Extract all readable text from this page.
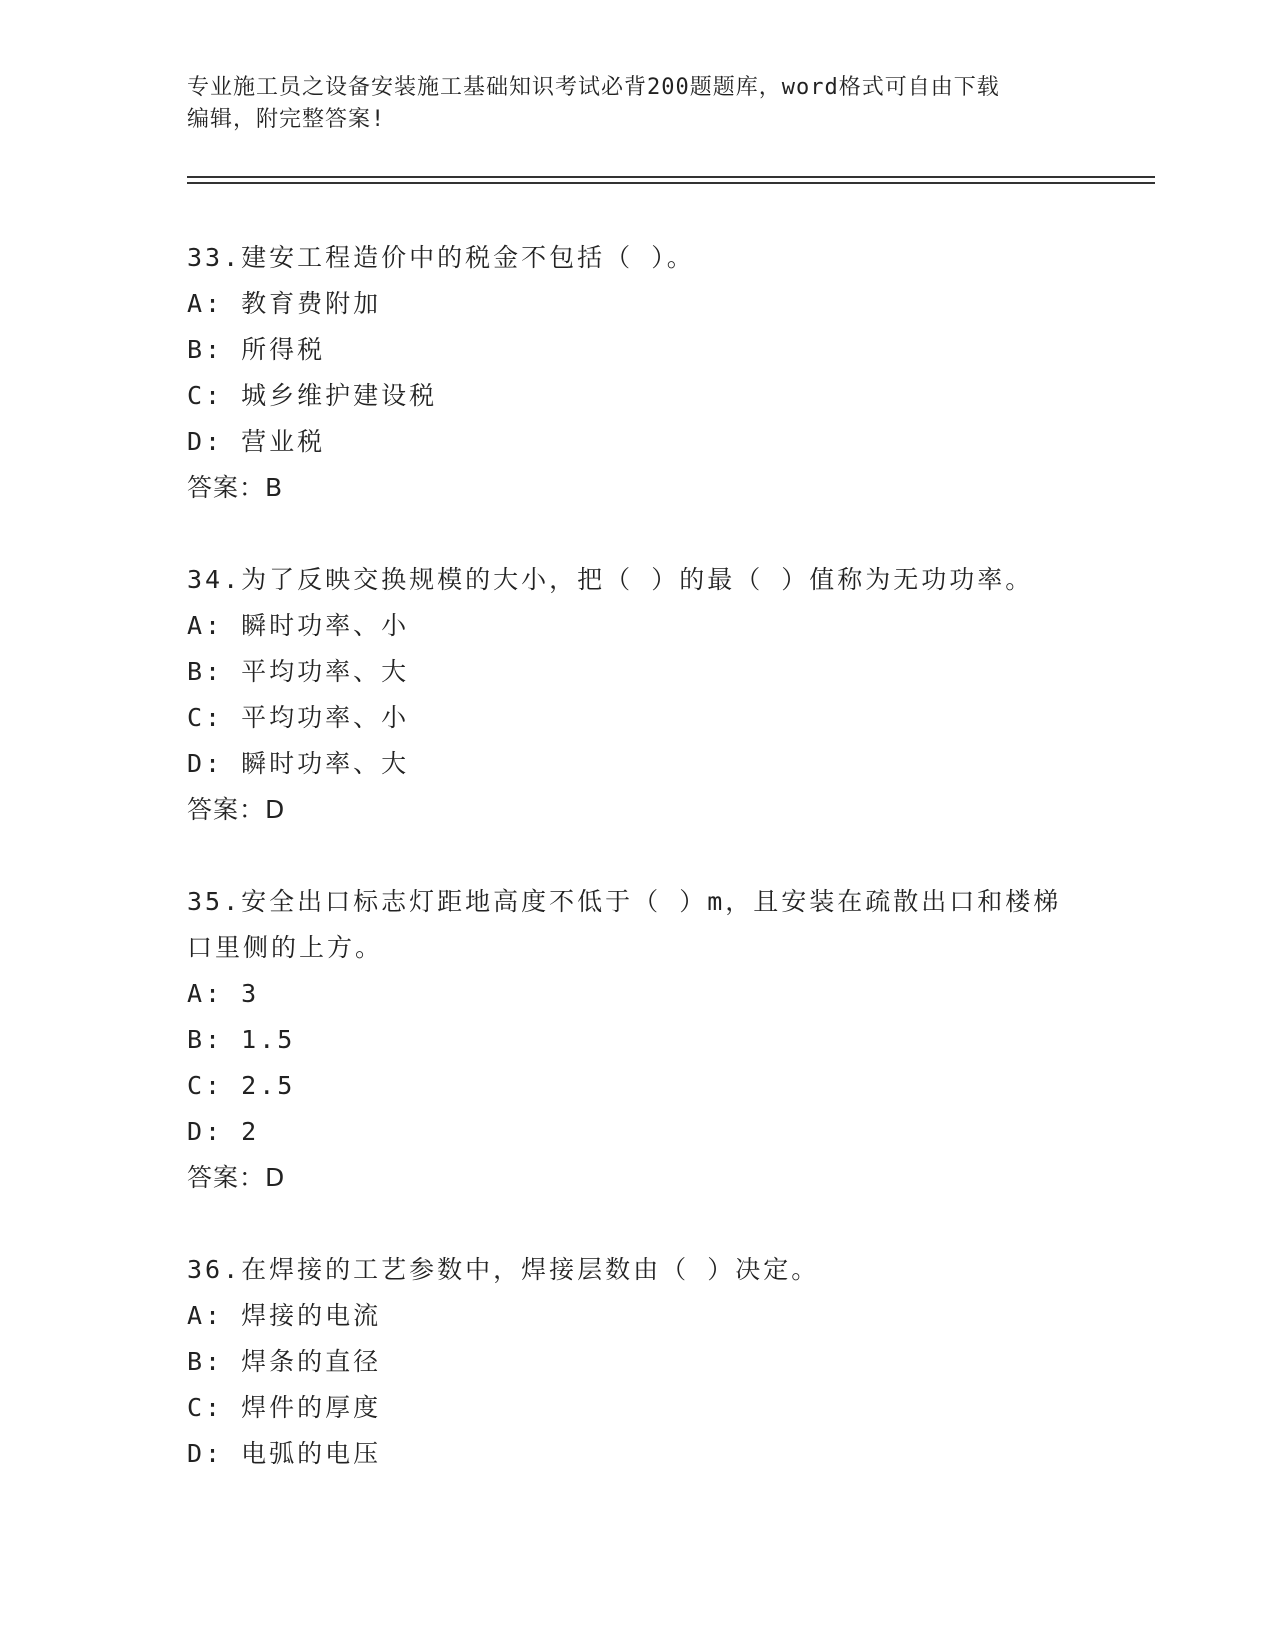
专业施工员之设备安装施工基础知识考试必背200题题库，word格式可自由下载
编辑，附完整答案!
33.建安工程造价中的税金不包括（ ）。
A: 教育费附加
B: 所得税
C: 城乡维护建设税
D: 营业税
答案：B
34.为了反映交换规模的大小，把（ ）的最（ ）值称为无功功率。
A: 瞬时功率、小
B: 平均功率、大
C: 平均功率、小
D: 瞬时功率、大
答案：D
35.安全出口标志灯距地高度不低于（ ）m，且安装在疏散出口和楼梯口里侧的上方。
A: 3
B: 1.5
C: 2.5
D: 2
答案：D
36.在焊接的工艺参数中，焊接层数由（ ）决定。
A: 焊接的电流
B: 焊条的直径
C: 焊件的厚度
D: 电弧的电压
